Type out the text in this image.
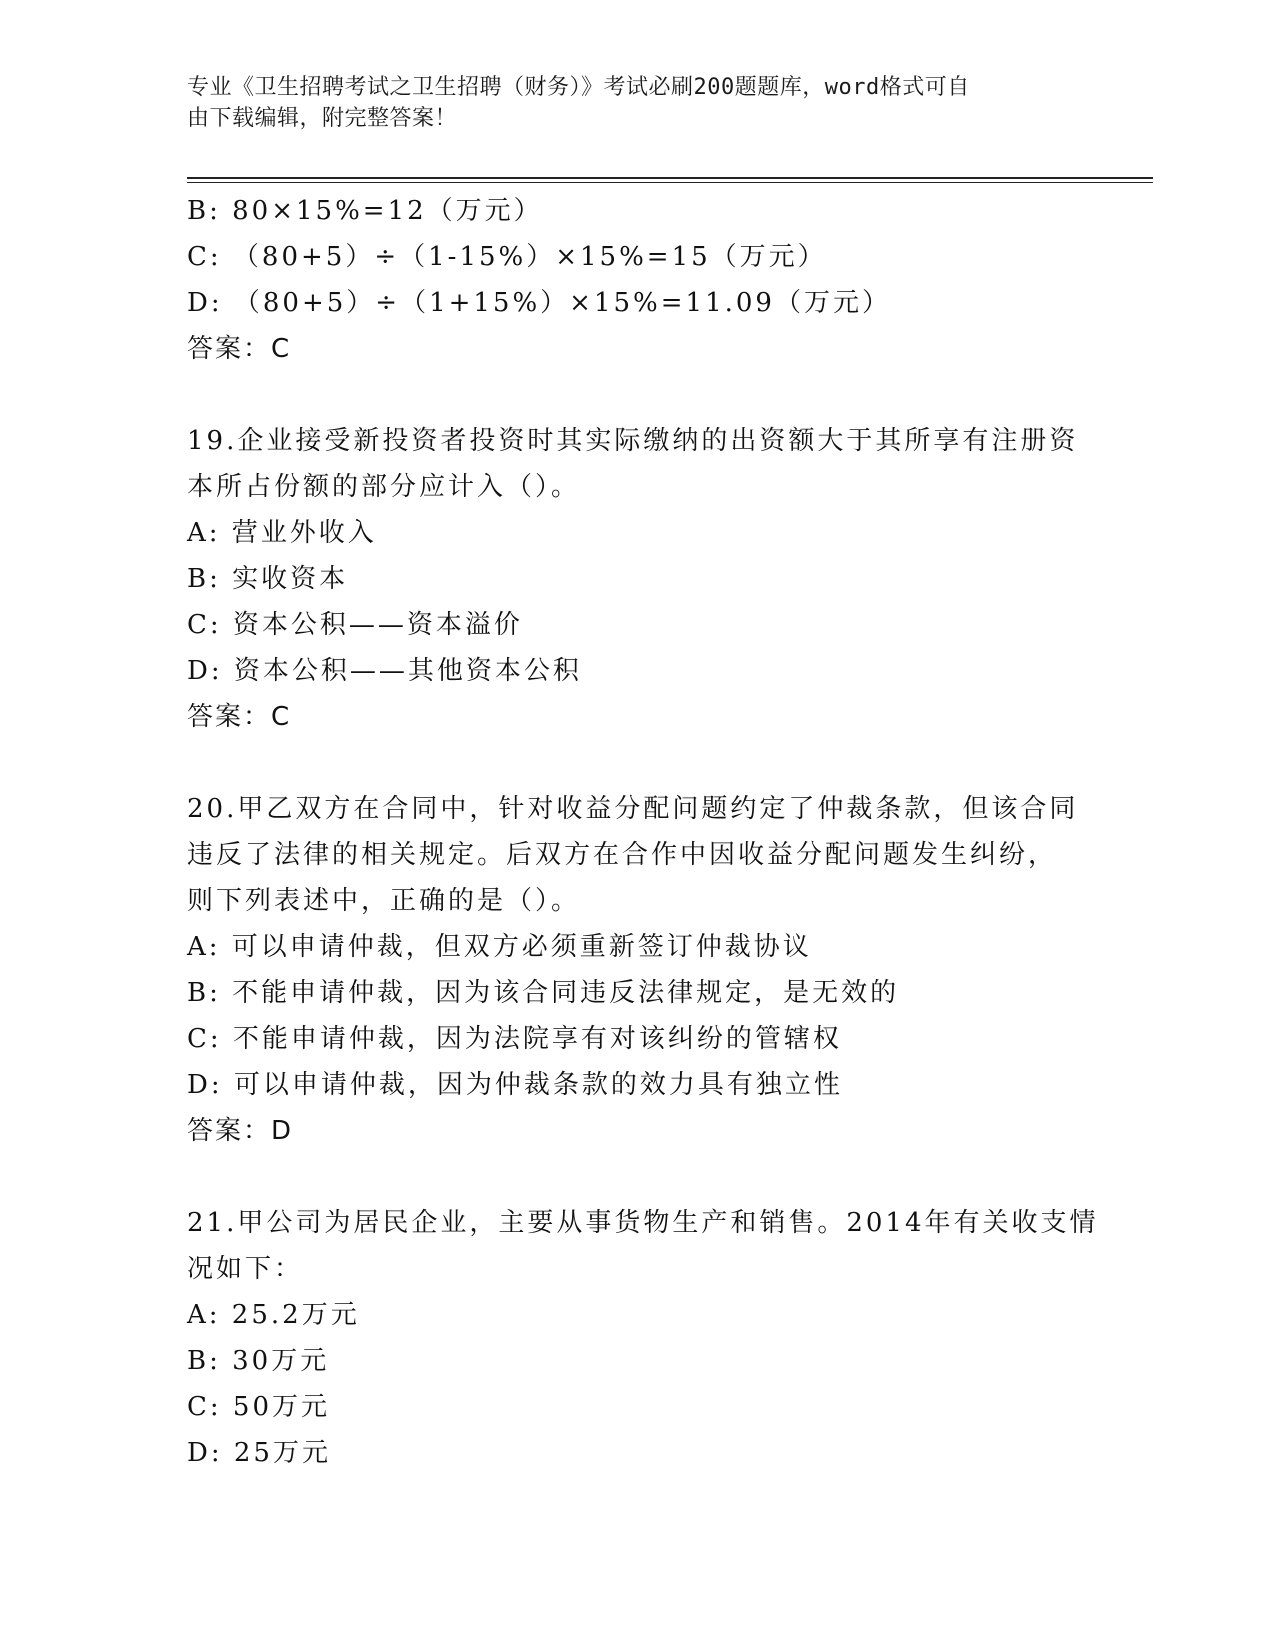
专业《卫生招聘考试之卫生招聘（财务）》考试必刷200题题库，word格式可自
由下载编辑，附完整答案！
B: 80×15%=12（万元）
C: （80+5）÷（1-15%）×15%=15（万元）
D: （80+5）÷（1+15%）×15%=11.09（万元）
答案：C
19.企业接受新投资者投资时其实际缴纳的出资额大于其所享有注册资
本所占份额的部分应计入（）。
A: 营业外收入
B: 实收资本
C: 资本公积——资本溢价
D: 资本公积——其他资本公积
答案：C
20.甲乙双方在合同中，针对收益分配问题约定了仲裁条款，但该合同
违反了法律的相关规定。后双方在合作中因收益分配问题发生纠纷，
则下列表述中，正确的是（）。
A: 可以申请仲裁，但双方必须重新签订仲裁协议
B: 不能申请仲裁，因为该合同违反法律规定，是无效的
C: 不能申请仲裁，因为法院享有对该纠纷的管辖权
D: 可以申请仲裁，因为仲裁条款的效力具有独立性
答案：D
21.甲公司为居民企业，主要从事货物生产和销售。2014年有关收支情
况如下：
A: 25.2万元
B: 30万元
C: 50万元
D: 25万元
